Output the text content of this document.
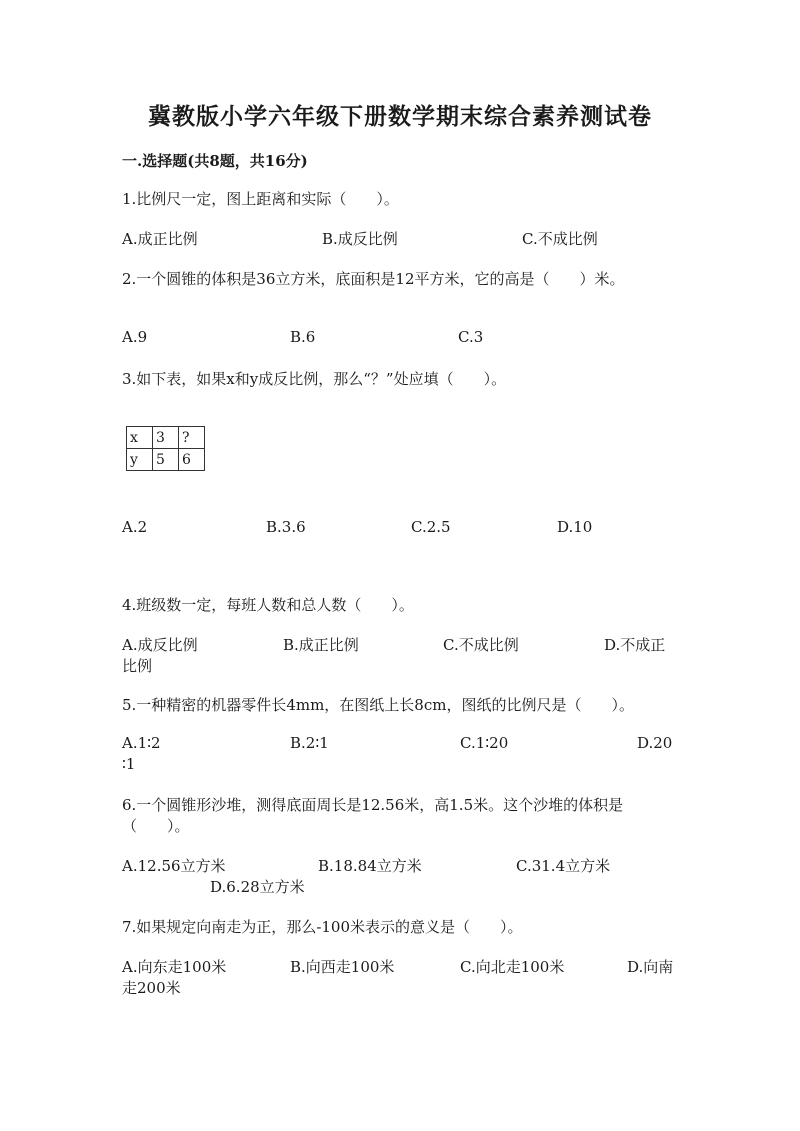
冀教版小学六年级下册数学期末综合素养测试卷
一.选择题(共8题，共16分)
1.比例尺一定，图上距离和实际（　　）。
A.成正比例	B.成反比例	C.不成比例
2.一个圆锥的体积是36立方米，底面积是12平方米，它的高是（　　）米。
A.9	B.6	C.3
3.如下表，如果x和y成反比例，那么“？”处应填（　　）。
x	3	?
y	5	6
A.2	B.3.6	C.2.5	D.10
4.班级数一定，每班人数和总人数（　　）。
A.成反比例	B.成正比例	C.不成比例	D.不成正
比例
5.一种精密的机器零件长4mm，在图纸上长8cm，图纸的比例尺是（　　）。
A.1∶2	B.2∶1	C.1∶20	D.20
∶1
6.一个圆锥形沙堆，测得底面周长是12.56米，高1.5米。这个沙堆的体积是
（　　）。
A.12.56立方米	B.18.84立方米	C.31.4立方米
D.6.28立方米
7.如果规定向南走为正，那么-100米表示的意义是（　　）。
A.向东走100米	B.向西走100米	C.向北走100米	D.向南
走200米
